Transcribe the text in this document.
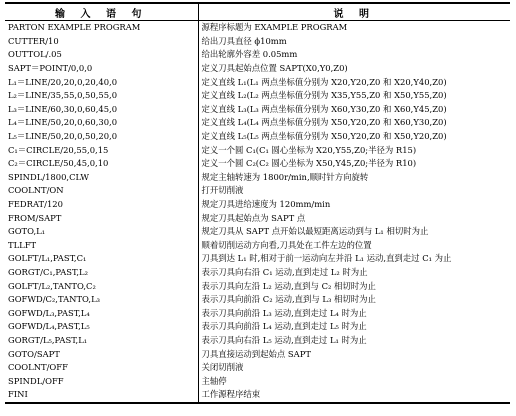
输 入 语 句	说 明
PARTON EXAMPLE PROGRAM	源程序标题为 EXAMPLE PROGRAM
CUTTER/10	给出刀具直径 ϕ10mm
OUTTOL/.05	给出轮廓外容差 0.05mm
SAPT＝POINT/0,0,0	定义刀具起始点位置 SAPT(X0,Y0,Z0)
L₁＝LINE/20,20,0,20,40,0	定义直线 L₁(L₁ 两点坐标值分别为 X20,Y20,Z0 和 X20,Y40,Z0)
L₂＝LINE/35,55,0,50,55,0	定义直线 L₂(L₂ 两点坐标值分别为 X35,Y55,Z0 和 X50,Y55,Z0)
L₃＝LINE/60,30,0,60,45,0	定义直线 L₃(L₃ 两点坐标值分别为 X60,Y30,Z0 和 X60,Y45,Z0)
L₄＝LINE/50,20,0,60,30,0	定义直线 L₄(L₄ 两点坐标值分别为 X50,Y20,Z0 和 X60,Y30,Z0)
L₅＝LINE/50,20,0,50,20,0	定义直线 L₅(L₅ 两点坐标值分别为 X50,Y20,Z0 和 X50,Y20,Z0)
C₁＝CIRCLE/20,55,0,15	定义一个圆 C₁(C₁ 圆心坐标为 X20,Y55,Z0;半径为 R15)
C₂＝CIRCLE/50,45,0,10	定义一个圆 C₂(C₂ 圆心坐标为 X50,Y45,Z0;半径为 R10)
SPINDL/1800,CLW	规定主轴转速为 1800r/min,顺时针方向旋转
COOLNT/ON	打开切削液
FEDRAT/120	规定刀具进给速度为 120mm/min
FROM/SAPT	规定刀具起始点为 SAPT 点
GOTO,L₁	规定刀具从 SAPT 点开始以最短距离运动到与 L₁ 相切时为止
TLLFT	顺着切削运动方向看,刀具处在工件左边的位置
GOLFT/L₁,PAST,C₁	刀具到达 L₁ 时,相对于前一运动向左并沿 L₁ 运动,直到走过 C₁ 为止
GORGT/C₁,PAST,L₂	表示刀具向右沿 C₁ 运动,直到走过 L₂ 时为止
GOLFT/L₂,TANTO,C₂	表示刀具向左沿 L₂ 运动,直到与 C₂ 相切时为止
GOFWD/C₂,TANTO,L₃	表示刀具向前沿 C₂ 运动,直到与 L₃ 相切时为止
GOFWD/L₃,PAST,L₄	表示刀具向前沿 L₃ 运动,直到走过 L₄ 时为止
GOFWD/L₄,PAST,L₅	表示刀具向前沿 L₄ 运动,直到走过 L₅ 时为止
GORGT/L₅,PAST,L₁	表示刀具向右沿 L₅ 运动,直到走过 L₁ 时为止
GOTO/SAPT	刀具直接运动到起始点 SAPT
COOLNT/OFF	关闭切削液
SPINDL/OFF	主轴停
FINI	工作源程序结束
